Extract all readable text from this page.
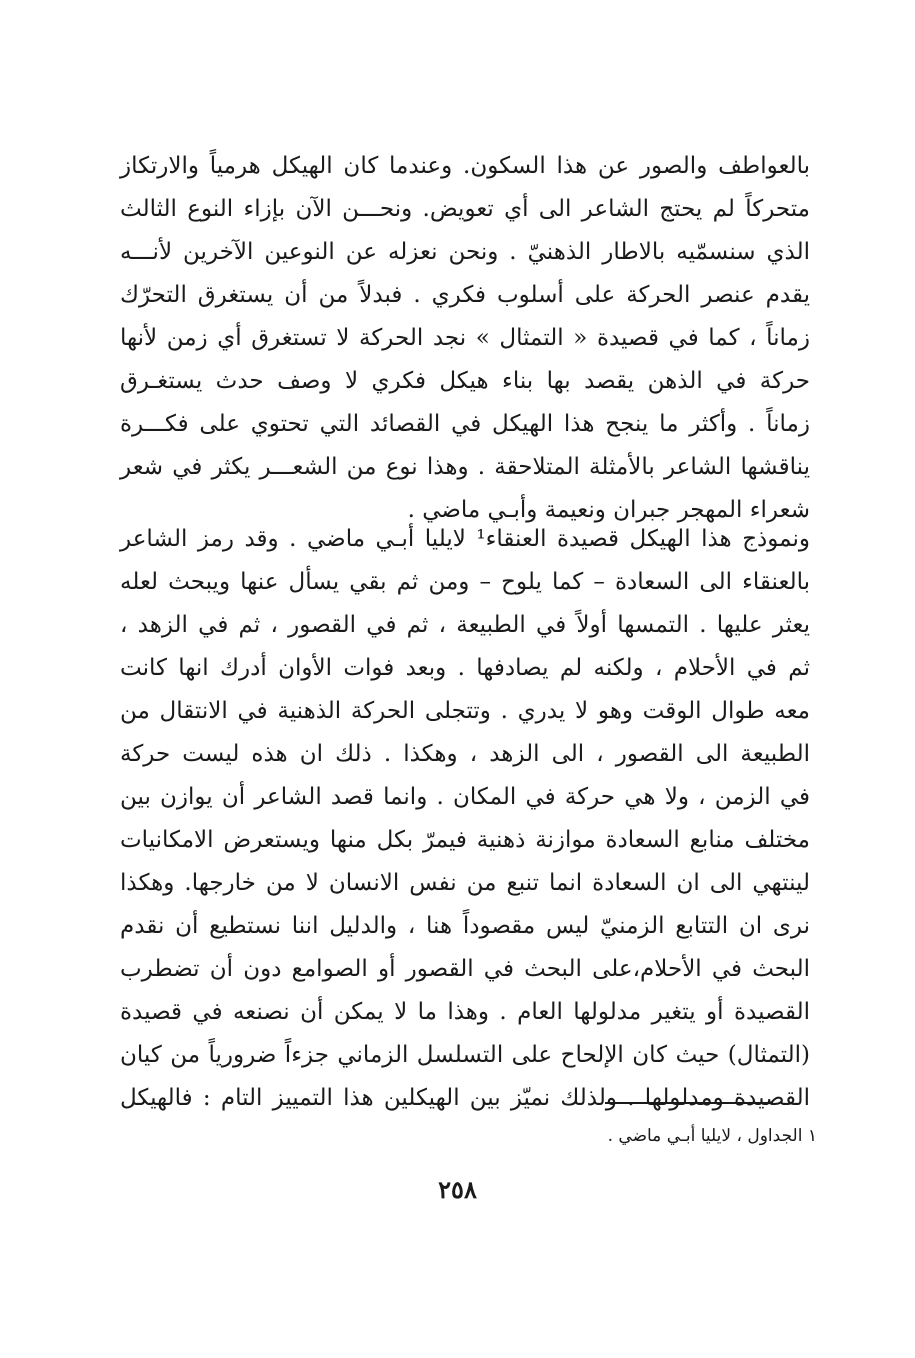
بالعواطف والصور عن هذا السكون. وعندما كان الهيكل هرمياً والارتكاز
متحركاً لم يحتج الشاعر الى أي تعويض. ونحـــن الآن بإزاء النوع الثالث
الذي سنسمّيه بالاطار الذهنيّ . ونحن نعزله عن النوعين الآخرين لأنـــه
يقدم عنصر الحركة على أسلوب فكري . فبدلاً من أن يستغرق التحرّك
زماناً ، كما في قصيدة « التمثال » نجد الحركة لا تستغرق أي زمن لأنها
حركة في الذهن يقصد بها بناء هيكل فكري لا وصف حدث يستغـرق
زماناً . وأكثر ما ينجح هذا الهيكل في القصائد التي تحتوي على فكـــرة
يناقشها الشاعر بالأمثلة المتلاحقة . وهذا نوع من الشعـــر يكثر في شعر
شعراء المهجر جبران ونعيمة وأبـي ماضي .
ونموذج هذا الهيكل قصيدة العنقاء¹ لايليا أبـي ماضي . وقد رمز الشاعر
بالعنقاء الى السعادة – كما يلوح – ومن ثم بقي يسأل عنها ويبحث لعله
يعثر عليها . التمسها أولاً في الطبيعة ، ثم في القصور ، ثم في الزهد ،
ثم في الأحلام ، ولكنه لم يصادفها . وبعد فوات الأوان أدرك انها كانت
معه طوال الوقت وهو لا يدري . وتتجلى الحركة الذهنية في الانتقال من
الطبيعة الى القصور ، الى الزهد ، وهكذا . ذلك ان هذه ليست حركة
في الزمن ، ولا هي حركة في المكان . وانما قصد الشاعر أن يوازن بين
مختلف منابع السعادة موازنة ذهنية فيمرّ بكل منها ويستعرض الامكانيات
لينتهي الى ان السعادة انما تنبع من نفس الانسان لا من خارجها. وهكذا
نرى ان التتابع الزمنيّ ليس مقصوداً هنا ، والدليل اننا نستطيع أن نقدم
البحث في الأحلام،على البحث في القصور أو الصوامع دون أن تضطرب
القصيدة أو يتغير مدلولها العام . وهذا ما لا يمكن أن نصنعه في قصيدة
(التمثال) حيث كان الإلحاح على التسلسل الزماني جزءاً ضرورياً من كيان
القصيدة ومدلولها . ولذلك نميّز بين الهيكلين هذا التمييز التام : فالهيكل
١ الجداول ، لايليا أبـي ماضي .
٢٥٨
